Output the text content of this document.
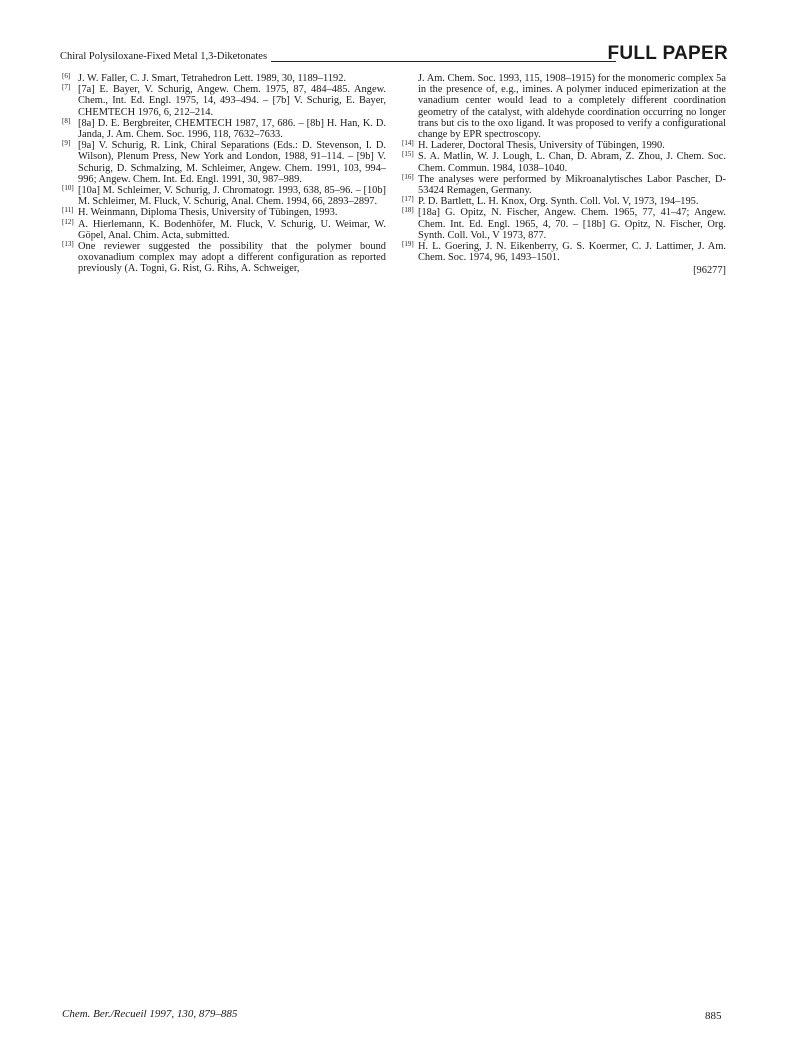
Chiral Polysiloxane-Fixed Metal 1,3-Diketonates	FULL PAPER

[6] J. W. Faller, C. J. Smart, Tetrahedron Lett. 1989, 30, 1189–1192.

[7] [7a] E. Bayer, V. Schurig, Angew. Chem. 1975, 87, 484–485. Angew. Chem., Int. Ed. Engl. 1975, 14, 493–494. – [7b] V. Schurig, E. Bayer, CHEMTECH 1976, 6, 212–214.

[8] [8a] D. E. Bergbreiter, CHEMTECH 1987, 17, 686. – [8b] H. Han, K. D. Janda, J. Am. Chem. Soc. 1996, 118, 7632–7633.

[9] [9a] V. Schurig, R. Link, Chiral Separations (Eds.: D. Stevenson, I. D. Wilson), Plenum Press, New York and London, 1988, 91–114. – [9b] V. Schurig, D. Schmalzing, M. Schleimer, Angew. Chem. 1991, 103, 994–996; Angew. Chem. Int. Ed. Engl. 1991, 30, 987–989.

[10] [10a] M. Schleimer, V. Schurig, J. Chromatogr. 1993, 638, 85–96. – [10b] M. Schleimer, M. Fluck, V. Schurig, Anal. Chem. 1994, 66, 2893–2897.

[11] H. Weinmann, Diploma Thesis, University of Tübingen, 1993.

[12] A. Hierlemann, K. Bodenhöfer, M. Fluck, V. Schurig, U. Weimar, W. Göpel, Anal. Chim. Acta, submitted.

[13] One reviewer suggested the possibility that the polymer bound oxovanadium complex may adopt a different configuration as reported previously (A. Togni, G. Rist, G. Rihs, A. Schweiger,

J. Am. Chem. Soc. 1993, 115, 1908–1915) for the monomeric complex 5a in the presence of, e.g., imines. A polymer induced epimerization at the vanadium center would lead to a completely different coordination geometry of the catalyst, with aldehyde coordination occurring no longer trans but cis to the oxo ligand. It was proposed to verify a configurational change by EPR spectroscopy.

[14] H. Laderer, Doctoral Thesis, University of Tübingen, 1990.

[15] S. A. Matlin, W. J. Lough, L. Chan, D. Abram, Z. Zhou, J. Chem. Soc. Chem. Commun. 1984, 1038–1040.

[16] The analyses were performed by Mikroanalytisches Labor Pascher, D-53424 Remagen, Germany.

[17] P. D. Bartlett, L. H. Knox, Org. Synth. Coll. Vol. V, 1973, 194–195.

[18] [18a] G. Opitz, N. Fischer, Angew. Chem. 1965, 77, 41–47; Angew. Chem. Int. Ed. Engl. 1965, 4, 70. – [18b] G. Opitz, N. Fischer, Org. Synth. Coll. Vol., V 1973, 877.

[19] H. L. Goering, J. N. Eikenberry, G. S. Koermer, C. J. Lattimer, J. Am. Chem. Soc. 1974, 96, 1493–1501.

[96277]
Chem. Ber./Recueil 1997, 130, 879–885	885
